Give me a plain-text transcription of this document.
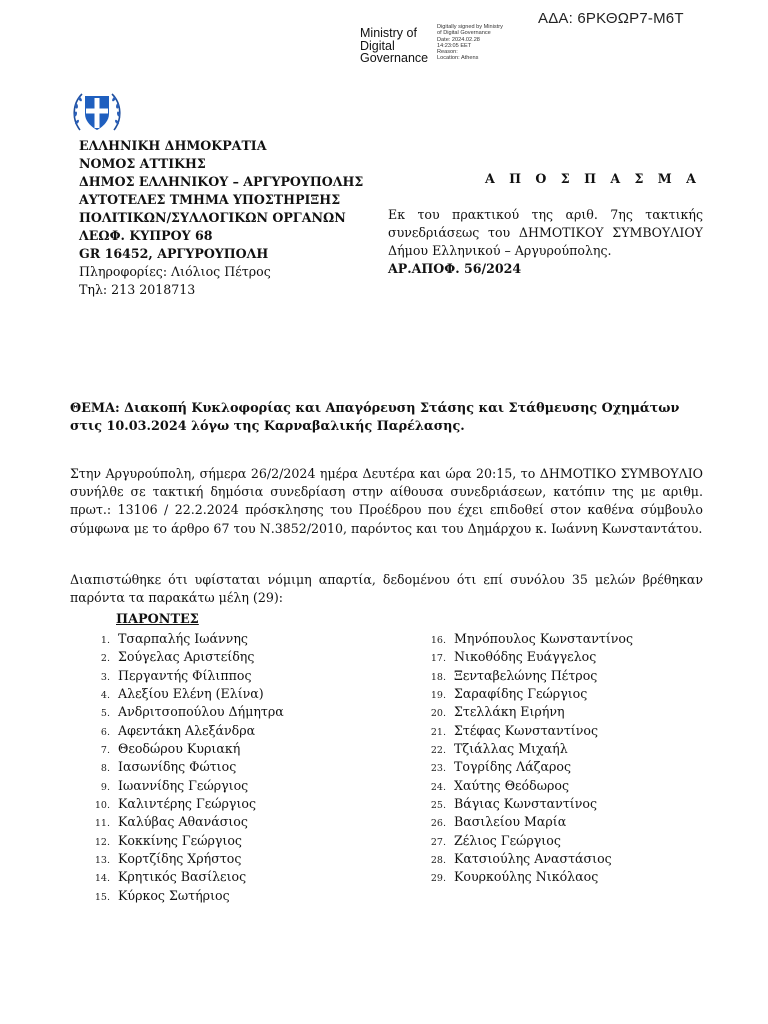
ΑΔΑ: 6ΡΚΘΩΡ7-Μ6Τ
Ministry of
Digital
Governance
Digitally signed by Ministry
of Digital Governance
Date: 2024.02.28
14:23:05 EET
Reason:
Location: Athens
ΕΛΛΗΝΙΚΗ ΔΗΜΟΚΡΑΤΙΑ
ΝΟΜΟΣ ΑΤΤΙΚΗΣ
ΔΗΜΟΣ ΕΛΛΗΝΙΚΟΥ – ΑΡΓΥΡΟΥΠΟΛΗΣ
ΑΥΤΟΤΕΛΕΣ ΤΜΗΜΑ ΥΠΟΣΤΗΡΙΞΗΣ
ΠΟΛΙΤΙΚΩΝ/ΣΥΛΛΟΓΙΚΩΝ ΟΡΓΑΝΩΝ
ΛΕΩΦ. ΚΥΠΡΟΥ 68
GR 16452, ΑΡΓΥΡΟΥΠΟΛΗ
Πληροφορίες: Λιόλιος Πέτρος
Τηλ: 213 2018713
Α Π Ο Σ Π Α Σ Μ Α
Εκ του πρακτικού της αριθ. 7ης τακτικής συνεδριάσεως του ΔΗΜΟΤΙΚΟΥ ΣΥΜΒΟΥΛΙΟΥ Δήμου Ελληνικού – Αργυρούπολης.
ΑΡ.ΑΠΟΦ. 56/2024
ΘΕΜΑ: Διακοπή Κυκλοφορίας και Απαγόρευση Στάσης και Στάθμευσης Οχημάτων στις 10.03.2024 λόγω της Καρναβαλικής Παρέλασης.
Στην Αργυρούπολη, σήμερα 26/2/2024 ημέρα Δευτέρα και ώρα 20:15, το ΔΗΜΟΤΙΚΟ ΣΥΜΒΟΥΛΙΟ συνήλθε σε τακτική δημόσια συνεδρίαση στην αίθουσα συνεδριάσεων, κατόπιν της με αριθμ. πρωτ.: 13106 / 22.2.2024 πρόσκλησης του Προέδρου που έχει επιδοθεί στον καθένα σύμβουλο σύμφωνα με το άρθρο 67 του Ν.3852/2010, παρόντος και του Δημάρχου κ. Ιωάννη Κωνσταντάτου.
Διαπιστώθηκε ότι υφίσταται νόμιμη απαρτία, δεδομένου ότι επί συνόλου 35 μελών βρέθηκαν παρόντα τα παρακάτω μέλη (29):
ΠΑΡΟΝΤΕΣ
1. Τσαρπαλής Ιωάννης
2. Σούγελας Αριστείδης
3. Περγαντής Φίλιππος
4. Αλεξίου Ελένη (Ελίνα)
5. Ανδριτσοπούλου Δήμητρα
6. Αφεντάκη Αλεξάνδρα
7. Θεοδώρου Κυριακή
8. Ιασωνίδης Φώτιος
9. Ιωαννίδης Γεώργιος
10. Καλιντέρης Γεώργιος
11. Καλύβας Αθανάσιος
12. Κοκκίνης Γεώργιος
13. Κορτζίδης Χρήστος
14. Κρητικός Βασίλειος
15. Κύρκος Σωτήριος
16. Μηνόπουλος Κωνσταντίνος
17. Νικοθόδης Ευάγγελος
18. Ξενταβελώνης Πέτρος
19. Σαραφίδης Γεώργιος
20. Στελλάκη Ειρήνη
21. Στέφας Κωνσταντίνος
22. Τζιάλλας Μιχαήλ
23. Τογρίδης Λάζαρος
24. Χαύτης Θεόδωρος
25. Βάγιας Κωνσταντίνος
26. Βασιλείου Μαρία
27. Ζέλιος Γεώργιος
28. Κατσιούλης Αναστάσιος
29. Κουρκούλης Νικόλαος
